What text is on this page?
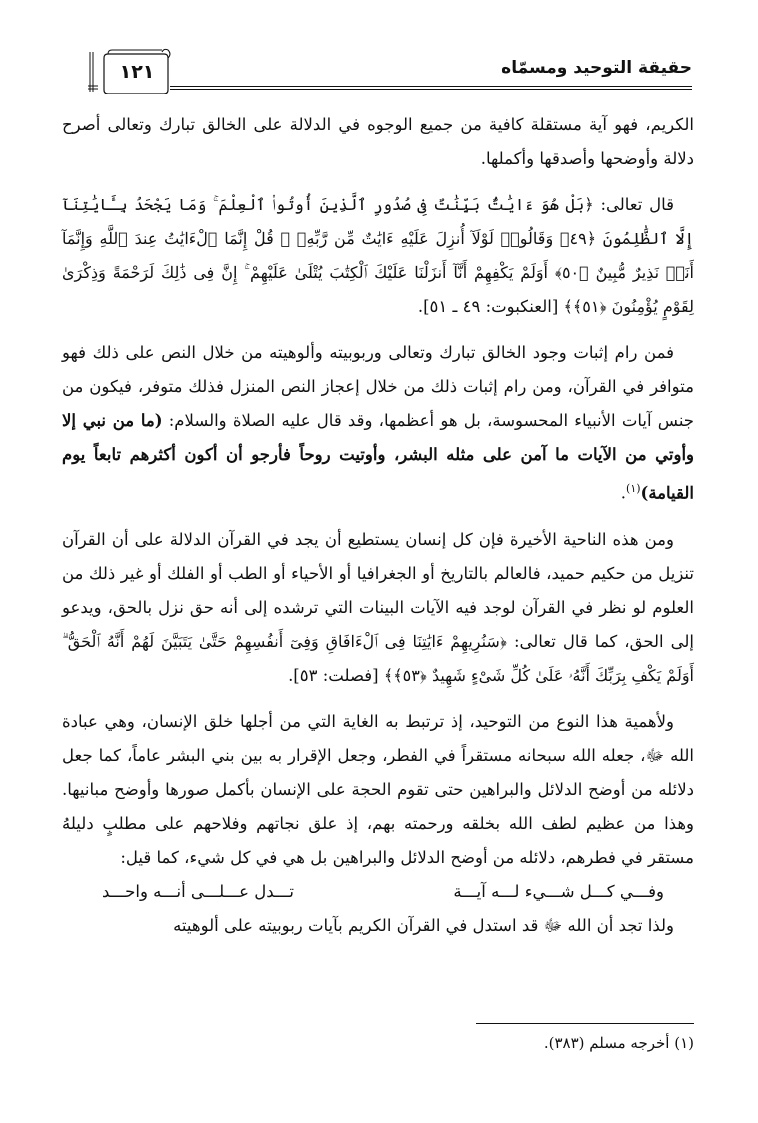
١٢١	حقيقة التوحيد ومسمّاه

الكريم، فهو آية مستقلة كافية من جميع الوجوه في الدلالة على الخالق تبارك وتعالى أصرح دلالة وأوضحها وأصدقها وأكملها.

قال تعالى: ﴿بَلْ هُوَ ءَايَٰتٌۢ بَيِّنَٰتٌ فِى صُدُورِ ٱلَّذِينَ أُوتُوا۟ ٱلْعِلْمَ ۚ وَمَا يَجْحَدُ بِـَٔايَٰتِنَآ إِلَّا ٱلظَّٰلِمُونَ ﴿٤٩﴾ وَقَالُوا۟ لَوْلَآ أُنزِلَ عَلَيْهِ ءَايَٰتٌ مِّن رَّبِّهِۦ ۖ قُلْ إِنَّمَا ٱلْءَايَٰتُ عِندَ ٱللَّهِ وَإِنَّمَآ أَنَا۠ نَذِيرٌ مُّبِينٌ ﴿٥٠﴾ أَوَلَمْ يَكْفِهِمْ أَنَّآ أَنزَلْنَا عَلَيْكَ ٱلْكِتَٰبَ يُتْلَىٰ عَلَيْهِمْ ۚ إِنَّ فِى ذَٰلِكَ لَرَحْمَةً وَذِكْرَىٰ لِقَوْمٍ يُؤْمِنُونَ ﴿٥١﴾﴾ [العنكبوت: ٤٩ ـ ٥١].

فمن رام إثبات وجود الخالق تبارك وتعالى وربوبيته وألوهيته من خلال النص على ذلك فهو متوافر في القرآن، ومن رام إثبات ذلك من خلال إعجاز النص المنزل فذلك متوفر، فيكون من جنس آيات الأنبياء المحسوسة، بل هو أعظمها، وقد قال عليه الصلاة والسلام: (ما من نبي إلا وأوتي من الآيات ما آمن على مثله البشر، وأوتيت روحاً فأرجو أن أكون أكثرهم تابعاً يوم القيامة)$^{(١)}$.

ومن هذه الناحية الأخيرة فإن كل إنسان يستطيع أن يجد في القرآن الدلالة على أن القرآن تنزيل من حكيم حميد، فالعالم بالتاريخ أو الجغرافيا أو الأحياء أو الطب أو الفلك أو غير ذلك من العلوم لو نظر في القرآن لوجد فيه الآيات البينات التي ترشده إلى أنه حق نزل بالحق، ويدعو إلى الحق، كما قال تعالى: ﴿سَنُرِيهِمْ ءَايَٰتِنَا فِى ٱلْءَافَاقِ وَفِىٓ أَنفُسِهِمْ حَتَّىٰ يَتَبَيَّنَ لَهُمْ أَنَّهُ ٱلْحَقُّ ۗ أَوَلَمْ يَكْفِ بِرَبِّكَ أَنَّهُۥ عَلَىٰ كُلِّ شَىْءٍ شَهِيدٌ ﴿٥٣﴾﴾ [فصلت: ٥٣].

ولأهمية هذا النوع من التوحيد، إذ ترتبط به الغاية التي من أجلها خلق الإنسان، وهي عبادة الله ﷻ، جعله الله سبحانه مستقراً في الفطر، وجعل الإقرار به بين بني البشر عاماً، كما جعل دلائله من أوضح الدلائل والبراهين حتى تقوم الحجة على الإنسان بأكمل صورها وأوضح مبانيها. وهذا من عظيم لطف الله بخلقه ورحمته بهم، إذ علق نجاتهم وفلاحهم على مطلبٍ دليلهُ مستقر في فطرهم، دلائله من أوضح الدلائل والبراهين بل هي في كل شيء، كما قيل:

وفـــي كـــل شـــيء لـــه آيـــة
تـــدل عـــلـــى أنـــه واحـــد

ولذا تجد أن الله ﷻ قد استدل في القرآن الكريم بآيات ربوبيته على ألوهيته

(١) أخرجه مسلم (٣٨٣).
